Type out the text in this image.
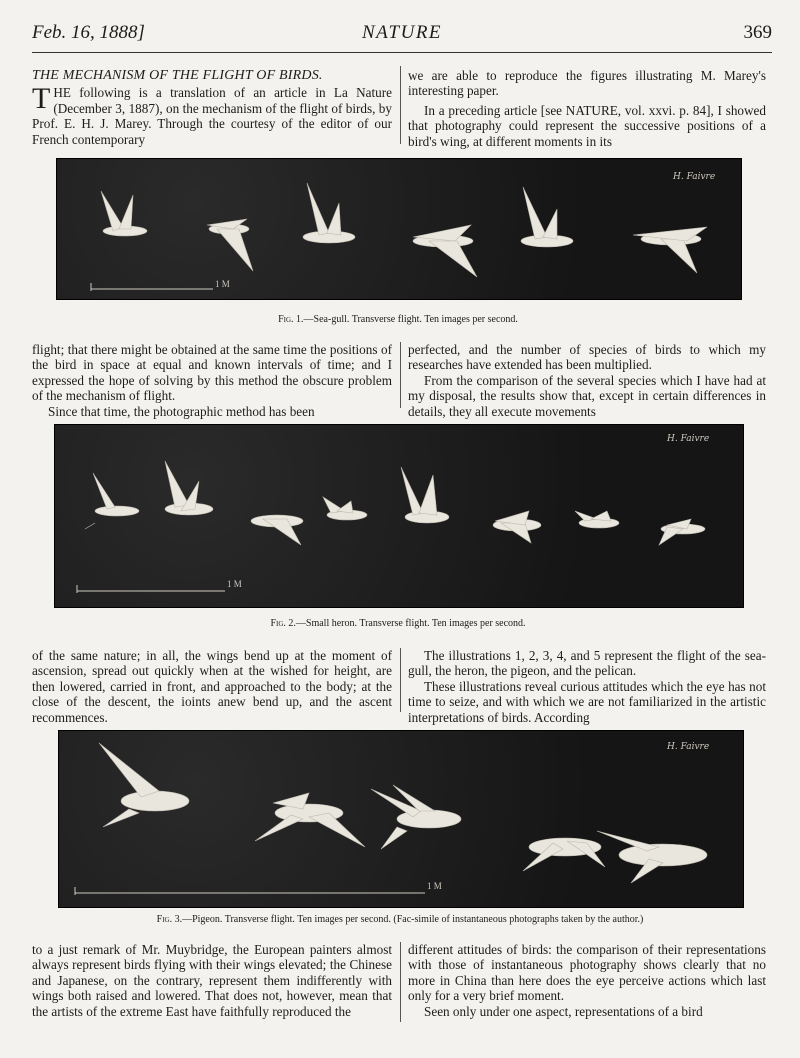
Feb. 16, 1888]	NATURE	369
THE MECHANISM OF THE FLIGHT OF BIRDS.

THE following is a translation of an article in La Nature (December 3, 1887), on the mechanism of the flight of birds, by Prof. E. H. J. Marey. Through the courtesy of the editor of our French contemporary

we are able to reproduce the figures illustrating M. Marey's interesting paper.

In a preceding article [see NATURE, vol. xxvi. p. 84], I showed that photography could represent the successive positions of a bird's wing, at different moments in its

1 M
H. Faivre
Fig. 1.—Sea-gull. Transverse flight. Ten images per second.

flight; that there might be obtained at the same time the positions of the bird in space at equal and known intervals of time; and I expressed the hope of solving by this method the obscure problem of the mechanism of flight.

Since that time, the photographic method has been

perfected, and the number of species of birds to which my researches have extended has been multiplied.

From the comparison of the several species which I have had at my disposal, the results show that, except in certain differences in details, they all execute movements

1 M
H. Faivre
Fig. 2.—Small heron. Transverse flight. Ten images per second.

of the same nature; in all, the wings bend up at the moment of ascension, spread out quickly when at the wished for height, are then lowered, carried in front, and approached to the body; at the close of the descent, the ioints anew bend up, and the ascent recommences.

The illustrations 1, 2, 3, 4, and 5 represent the flight of the sea-gull, the heron, the pigeon, and the pelican.

These illustrations reveal curious attitudes which the eye has not time to seize, and with which we are not familiarized in the artistic interpretations of birds. According

1 M
H. Faivre
Fig. 3.—Pigeon. Transverse flight. Ten images per second. (Fac-simile of instantaneous photographs taken by the author.)

to a just remark of Mr. Muybridge, the European painters almost always represent birds flying with their wings elevated; the Chinese and Japanese, on the contrary, represent them indifferently with wings both raised and lowered. That does not, however, mean that the artists of the extreme East have faithfully reproduced the

different attitudes of birds: the comparison of their representations with those of instantaneous photography shows clearly that no more in China than here does the eye perceive actions which last only for a very brief moment.

Seen only under one aspect, representations of a bird
